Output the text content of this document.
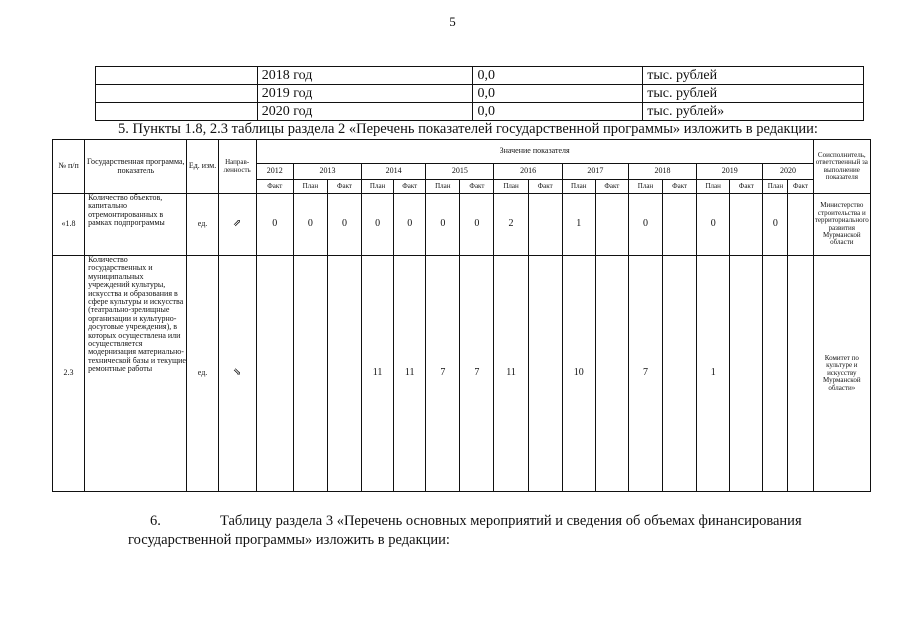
5
	2018 год	0,0	тыс. рублей
	2019 год	0,0	тыс. рублей
	2020 год	0,0	тыс. рублей»
5. Пункты 1.8, 2.3 таблицы раздела 2 «Перечень показателей государственной программы» изложить в редакции:
№ п/п	Государственная программа, показатель	Ед. изм.	Направ-ленность	Значение показателя																	Соисполнитель, ответственный за выполнение показателя
				2012	2013		2014		2015		2016		2017		2018		2019		2020		
				Факт	План	Факт	План	Факт	План	Факт	План	Факт	План	Факт	План	Факт	План	Факт	План	Факт	
«1.8	Количество объектов, капитально отремонтированных в рамках подпрограммы	ед.	⇗	0	0	0	0	0	0	0	2		1		0		0		0		Министерство строительства и территориального развития Мурманской области
2.3	Количество государственных и муниципальных учреждений культуры, искусства и образования в сфере культуры и искусства (театрально-зрелищные организации и культурно-досуговые учреждения), в которых осуществлена или осуществляется модернизация материально-технической базы и текущие ремонтные работы	ед.	⇘				11	11	7	7	11		10		7		1				Комитет по культуре и искусству Мурманской области»
6.	Таблицу раздела 3 «Перечень основных мероприятий и сведения об объемах финансирования государственной программы» изложить в редакции:
